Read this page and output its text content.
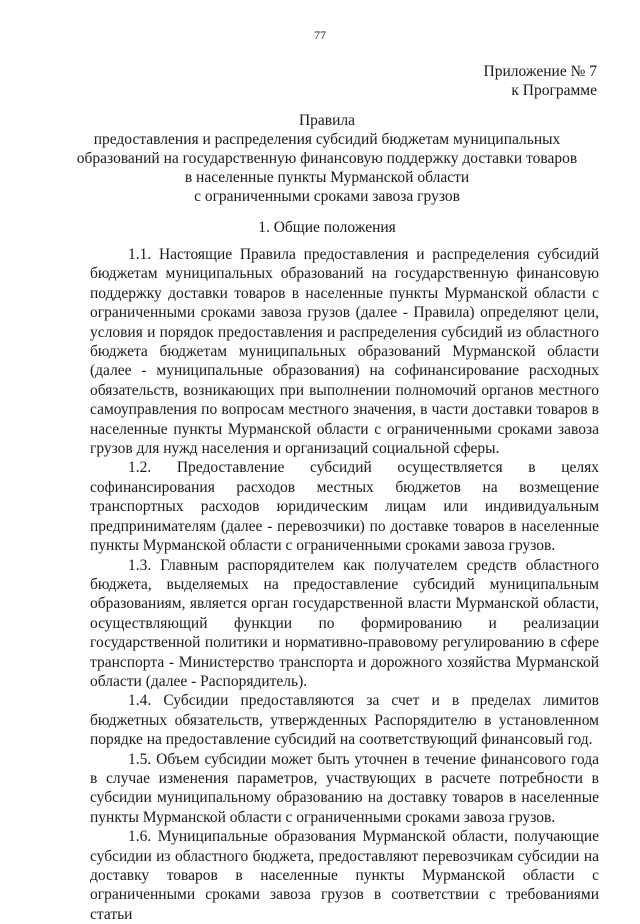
77
Приложение № 7
к Программе
Правила
предоставления и распределения субсидий бюджетам муниципальных
образований на государственную финансовую поддержку доставки товаров
в населенные пункты Мурманской области
с ограниченными сроками завоза грузов
1. Общие положения

1.1. Настоящие Правила предоставления и распределения субсидий бюджетам муниципальных образований на государственную финансовую поддержку доставки товаров в населенные пункты Мурманской области с ограниченными сроками завоза грузов (далее - Правила) определяют цели, условия и порядок предоставления и распределения субсидий из областного бюджета бюджетам муниципальных образований Мурманской области (далее - муниципальные образования) на софинансирование расходных обязательств, возникающих при выполнении полномочий органов местного самоуправления по вопросам местного значения, в части доставки товаров в населенные пункты Мурманской области с ограниченными сроками завоза грузов для нужд населения и организаций социальной сферы.

1.2. Предоставление субсидий осуществляется в целях софинансирования расходов местных бюджетов на возмещение транспортных расходов юридическим лицам или индивидуальным предпринимателям (далее - перевозчики) по доставке товаров в населенные пункты Мурманской области с ограниченными сроками завоза грузов.

1.3. Главным распорядителем как получателем средств областного бюджета, выделяемых на предоставление субсидий муниципальным образованиям, является орган государственной власти Мурманской области, осуществляющий функции по формированию и реализации государственной политики и нормативно-правовому регулированию в сфере транспорта - Министерство транспорта и дорожного хозяйства Мурманской области (далее - Распорядитель).

1.4. Субсидии предоставляются за счет и в пределах лимитов бюджетных обязательств, утвержденных Распорядителю в установленном порядке на предоставление субсидий на соответствующий финансовый год.

1.5. Объем субсидии может быть уточнен в течение финансового года в случае изменения параметров, участвующих в расчете потребности в субсидии муниципальному образованию на доставку товаров в населенные пункты Мурманской области с ограниченными сроками завоза грузов.

1.6. Муниципальные образования Мурманской области, получающие субсидии из областного бюджета, предоставляют перевозчикам субсидии на доставку товаров в населенные пункты Мурманской области с ограниченными сроками завоза грузов в соответствии с требованиями статьи
